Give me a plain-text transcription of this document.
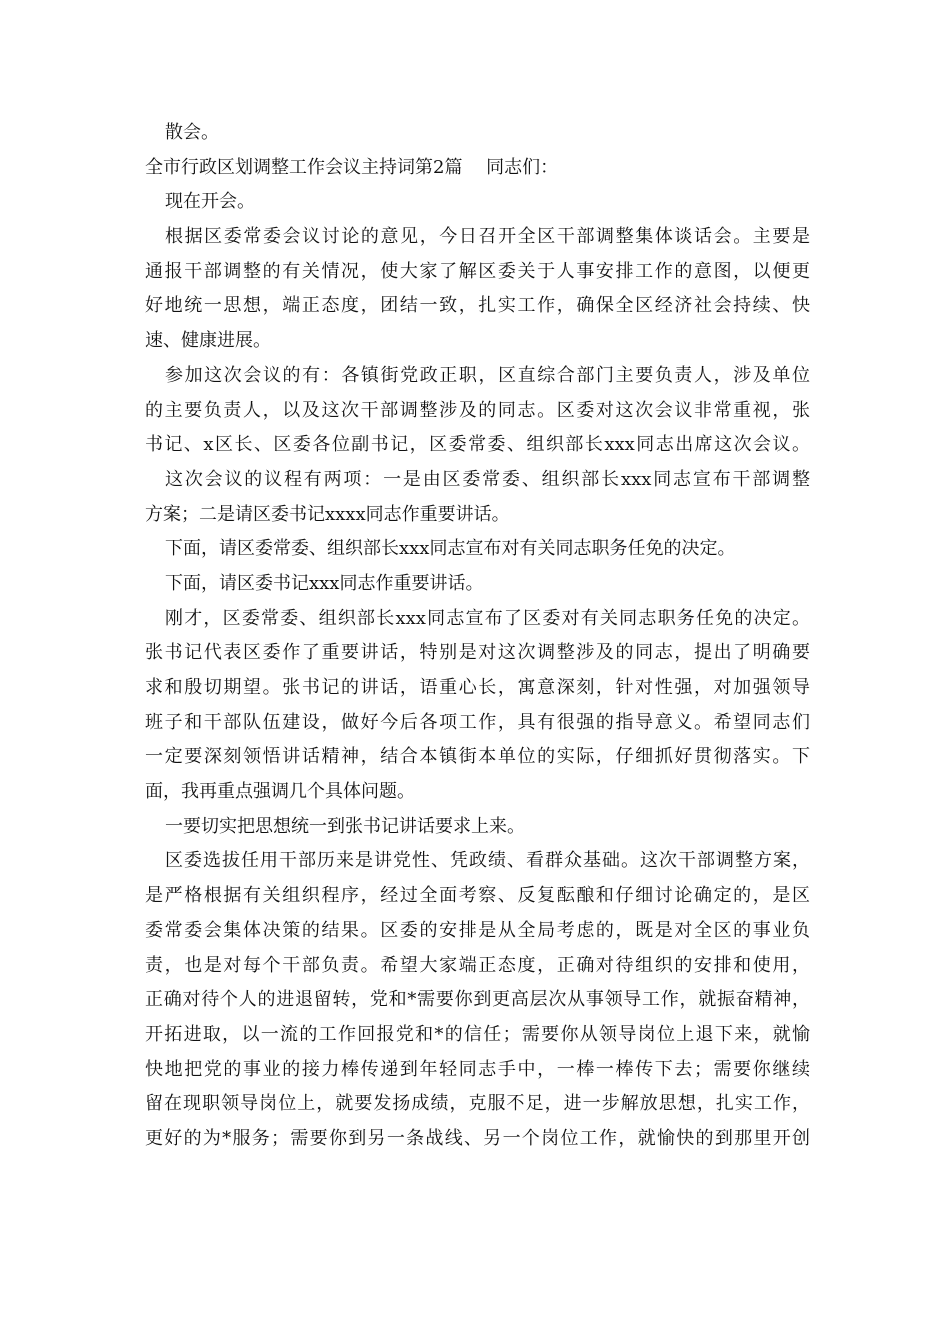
散会。
全市行政区划调整工作会议主持词第2篇　 同志们：
现在开会。
根据区委常委会议讨论的意见，今日召开全区干部调整集体谈话会。主要是
通报干部调整的有关情况，使大家了解区委关于人事安排工作的意图，以便更
好地统一思想，端正态度，团结一致，扎实工作，确保全区经济社会持续、快
速、健康进展。
参加这次会议的有：各镇街党政正职，区直综合部门主要负责人，涉及单位
的主要负责人，以及这次干部调整涉及的同志。区委对这次会议非常重视，张
书记、x区长、区委各位副书记，区委常委、组织部长xxx同志出席这次会议。
这次会议的议程有两项：一是由区委常委、组织部长xxx同志宣布干部调整
方案；二是请区委书记xxxx同志作重要讲话。
下面，请区委常委、组织部长xxx同志宣布对有关同志职务任免的决定。
下面，请区委书记xxx同志作重要讲话。
刚才，区委常委、组织部长xxx同志宣布了区委对有关同志职务任免的决定。
张书记代表区委作了重要讲话，特别是对这次调整涉及的同志，提出了明确要
求和殷切期望。张书记的讲话，语重心长，寓意深刻，针对性强，对加强领导
班子和干部队伍建设，做好今后各项工作，具有很强的指导意义。希望同志们
一定要深刻领悟讲话精神，结合本镇街本单位的实际，仔细抓好贯彻落实。下
面，我再重点强调几个具体问题。
一要切实把思想统一到张书记讲话要求上来。
区委选拔任用干部历来是讲党性、凭政绩、看群众基础。这次干部调整方案，
是严格根据有关组织程序，经过全面考察、反复酝酿和仔细讨论确定的，是区
委常委会集体决策的结果。区委的安排是从全局考虑的，既是对全区的事业负
责，也是对每个干部负责。希望大家端正态度，正确对待组织的安排和使用，
正确对待个人的进退留转，党和*需要你到更高层次从事领导工作，就振奋精神，
开拓进取，以一流的工作回报党和*的信任；需要你从领导岗位上退下来，就愉
快地把党的事业的接力棒传递到年轻同志手中，一棒一棒传下去；需要你继续
留在现职领导岗位上，就要发扬成绩，克服不足，进一步解放思想，扎实工作，
更好的为*服务；需要你到另一条战线、另一个岗位工作，就愉快的到那里开创
